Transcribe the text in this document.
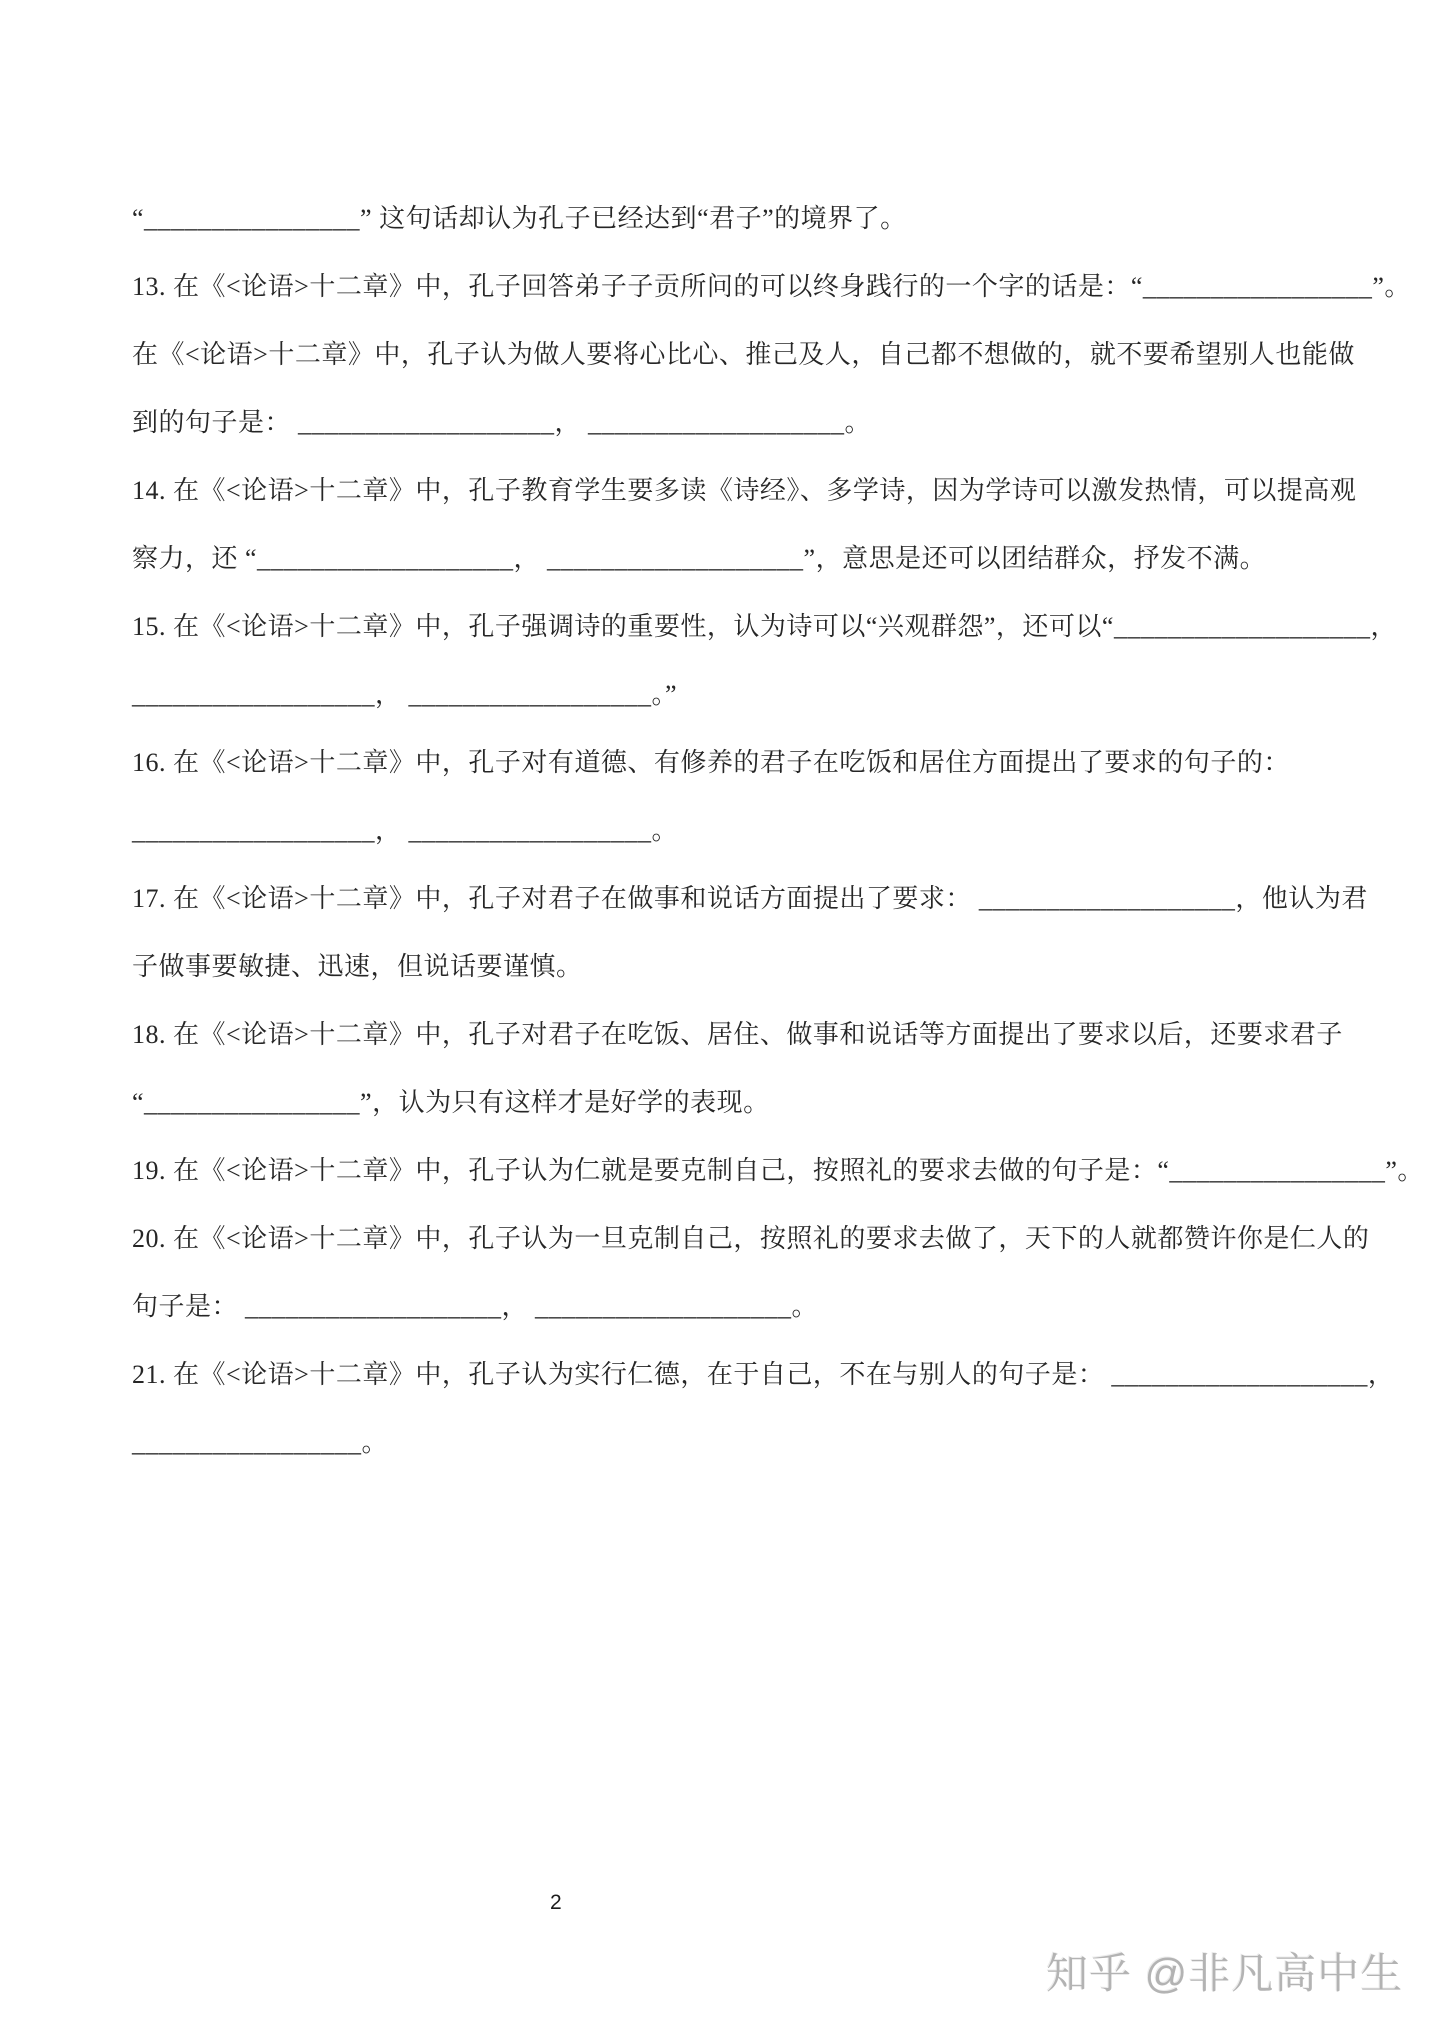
“________________” 这句话却认为孔子已经达到“君子”的境界了。
13. 在《<论语>十二章》中，孔子回答弟子子贡所问的可以终身践行的一个字的话是：“_________________”。
在《<论语>十二章》中，孔子认为做人要将心比心、推己及人，自己都不想做的，就不要希望别人也能做
到的句子是： ___________________， ___________________。
14. 在《<论语>十二章》中，孔子教育学生要多读《诗经》、多学诗，因为学诗可以激发热情，可以提高观
察力，还 “___________________， ___________________”，意思是还可以团结群众，抒发不满。
15. 在《<论语>十二章》中，孔子强调诗的重要性，认为诗可以“兴观群怨”，还可以“___________________，
__________________， __________________。”
16. 在《<论语>十二章》中，孔子对有道德、有修养的君子在吃饭和居住方面提出了要求的句子的：
__________________， __________________。
17. 在《<论语>十二章》中，孔子对君子在做事和说话方面提出了要求： ___________________，他认为君
子做事要敏捷、迅速，但说话要谨慎。
18. 在《<论语>十二章》中，孔子对君子在吃饭、居住、做事和说话等方面提出了要求以后，还要求君子
“________________”，认为只有这样才是好学的表现。
19. 在《<论语>十二章》中，孔子认为仁就是要克制自己，按照礼的要求去做的句子是：“________________”。
20. 在《<论语>十二章》中，孔子认为一旦克制自己，按照礼的要求去做了，天下的人就都赞许你是仁人的
句子是： ___________________， ___________________。
21. 在《<论语>十二章》中，孔子认为实行仁德，在于自己，不在与别人的句子是： ___________________，
_________________。
2
知乎 @非凡高中生
